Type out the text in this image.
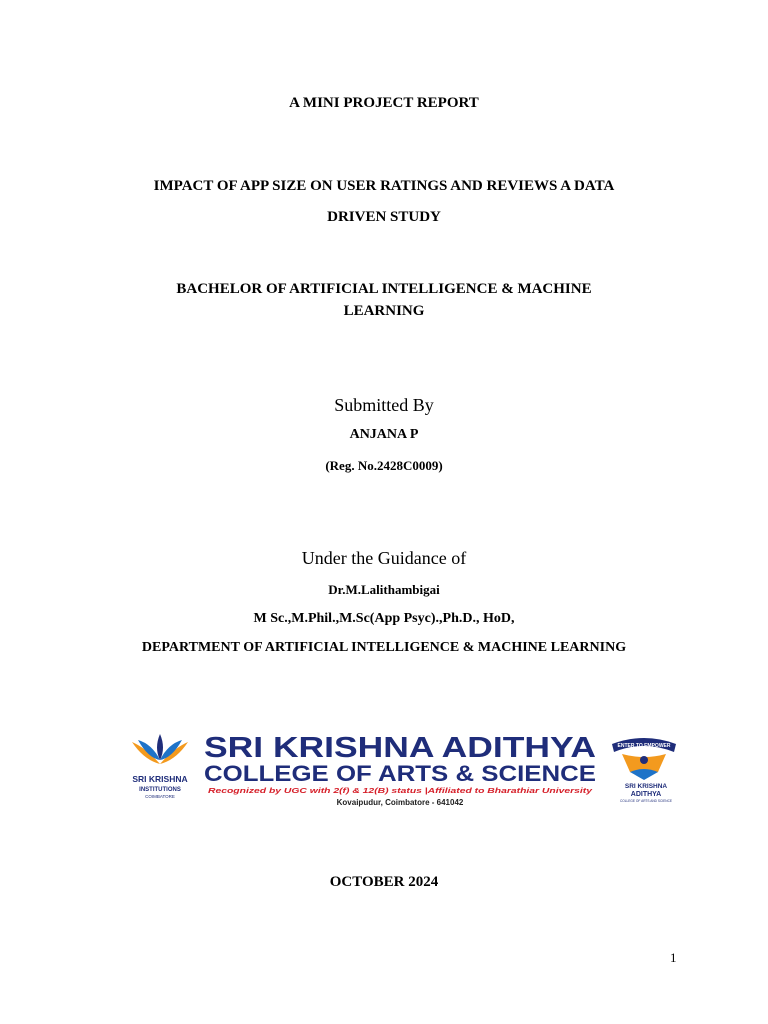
A MINI PROJECT REPORT
IMPACT OF APP SIZE ON USER RATINGS AND REVIEWS A DATA
DRIVEN STUDY
BACHELOR OF ARTIFICIAL INTELLIGENCE & MACHINE
LEARNING
Submitted By
ANJANA P
(Reg. No.2428C0009)
Under the Guidance of
Dr.M.Lalithambigai
M Sc.,M.Phil.,M.Sc(App Psyc).,Ph.D., HoD,
DEPARTMENT OF ARTIFICIAL INTELLIGENCE & MACHINE LEARNING
SRI KRISHNA
INSTITUTIONS
COIMBATORE
SRI KRISHNA ADITHYA
COLLEGE OF ARTS & SCIENCE
Recognized by UGC with 2(f) & 12(B) status |Affiliated to Bharathiar University
Kovaipudur, Coimbatore - 641042
ENTER TO EMPOWER
SRI KRISHNA
ADITHYA
COLLEGE OF ARTS AND SCIENCE
OCTOBER 2024
1
